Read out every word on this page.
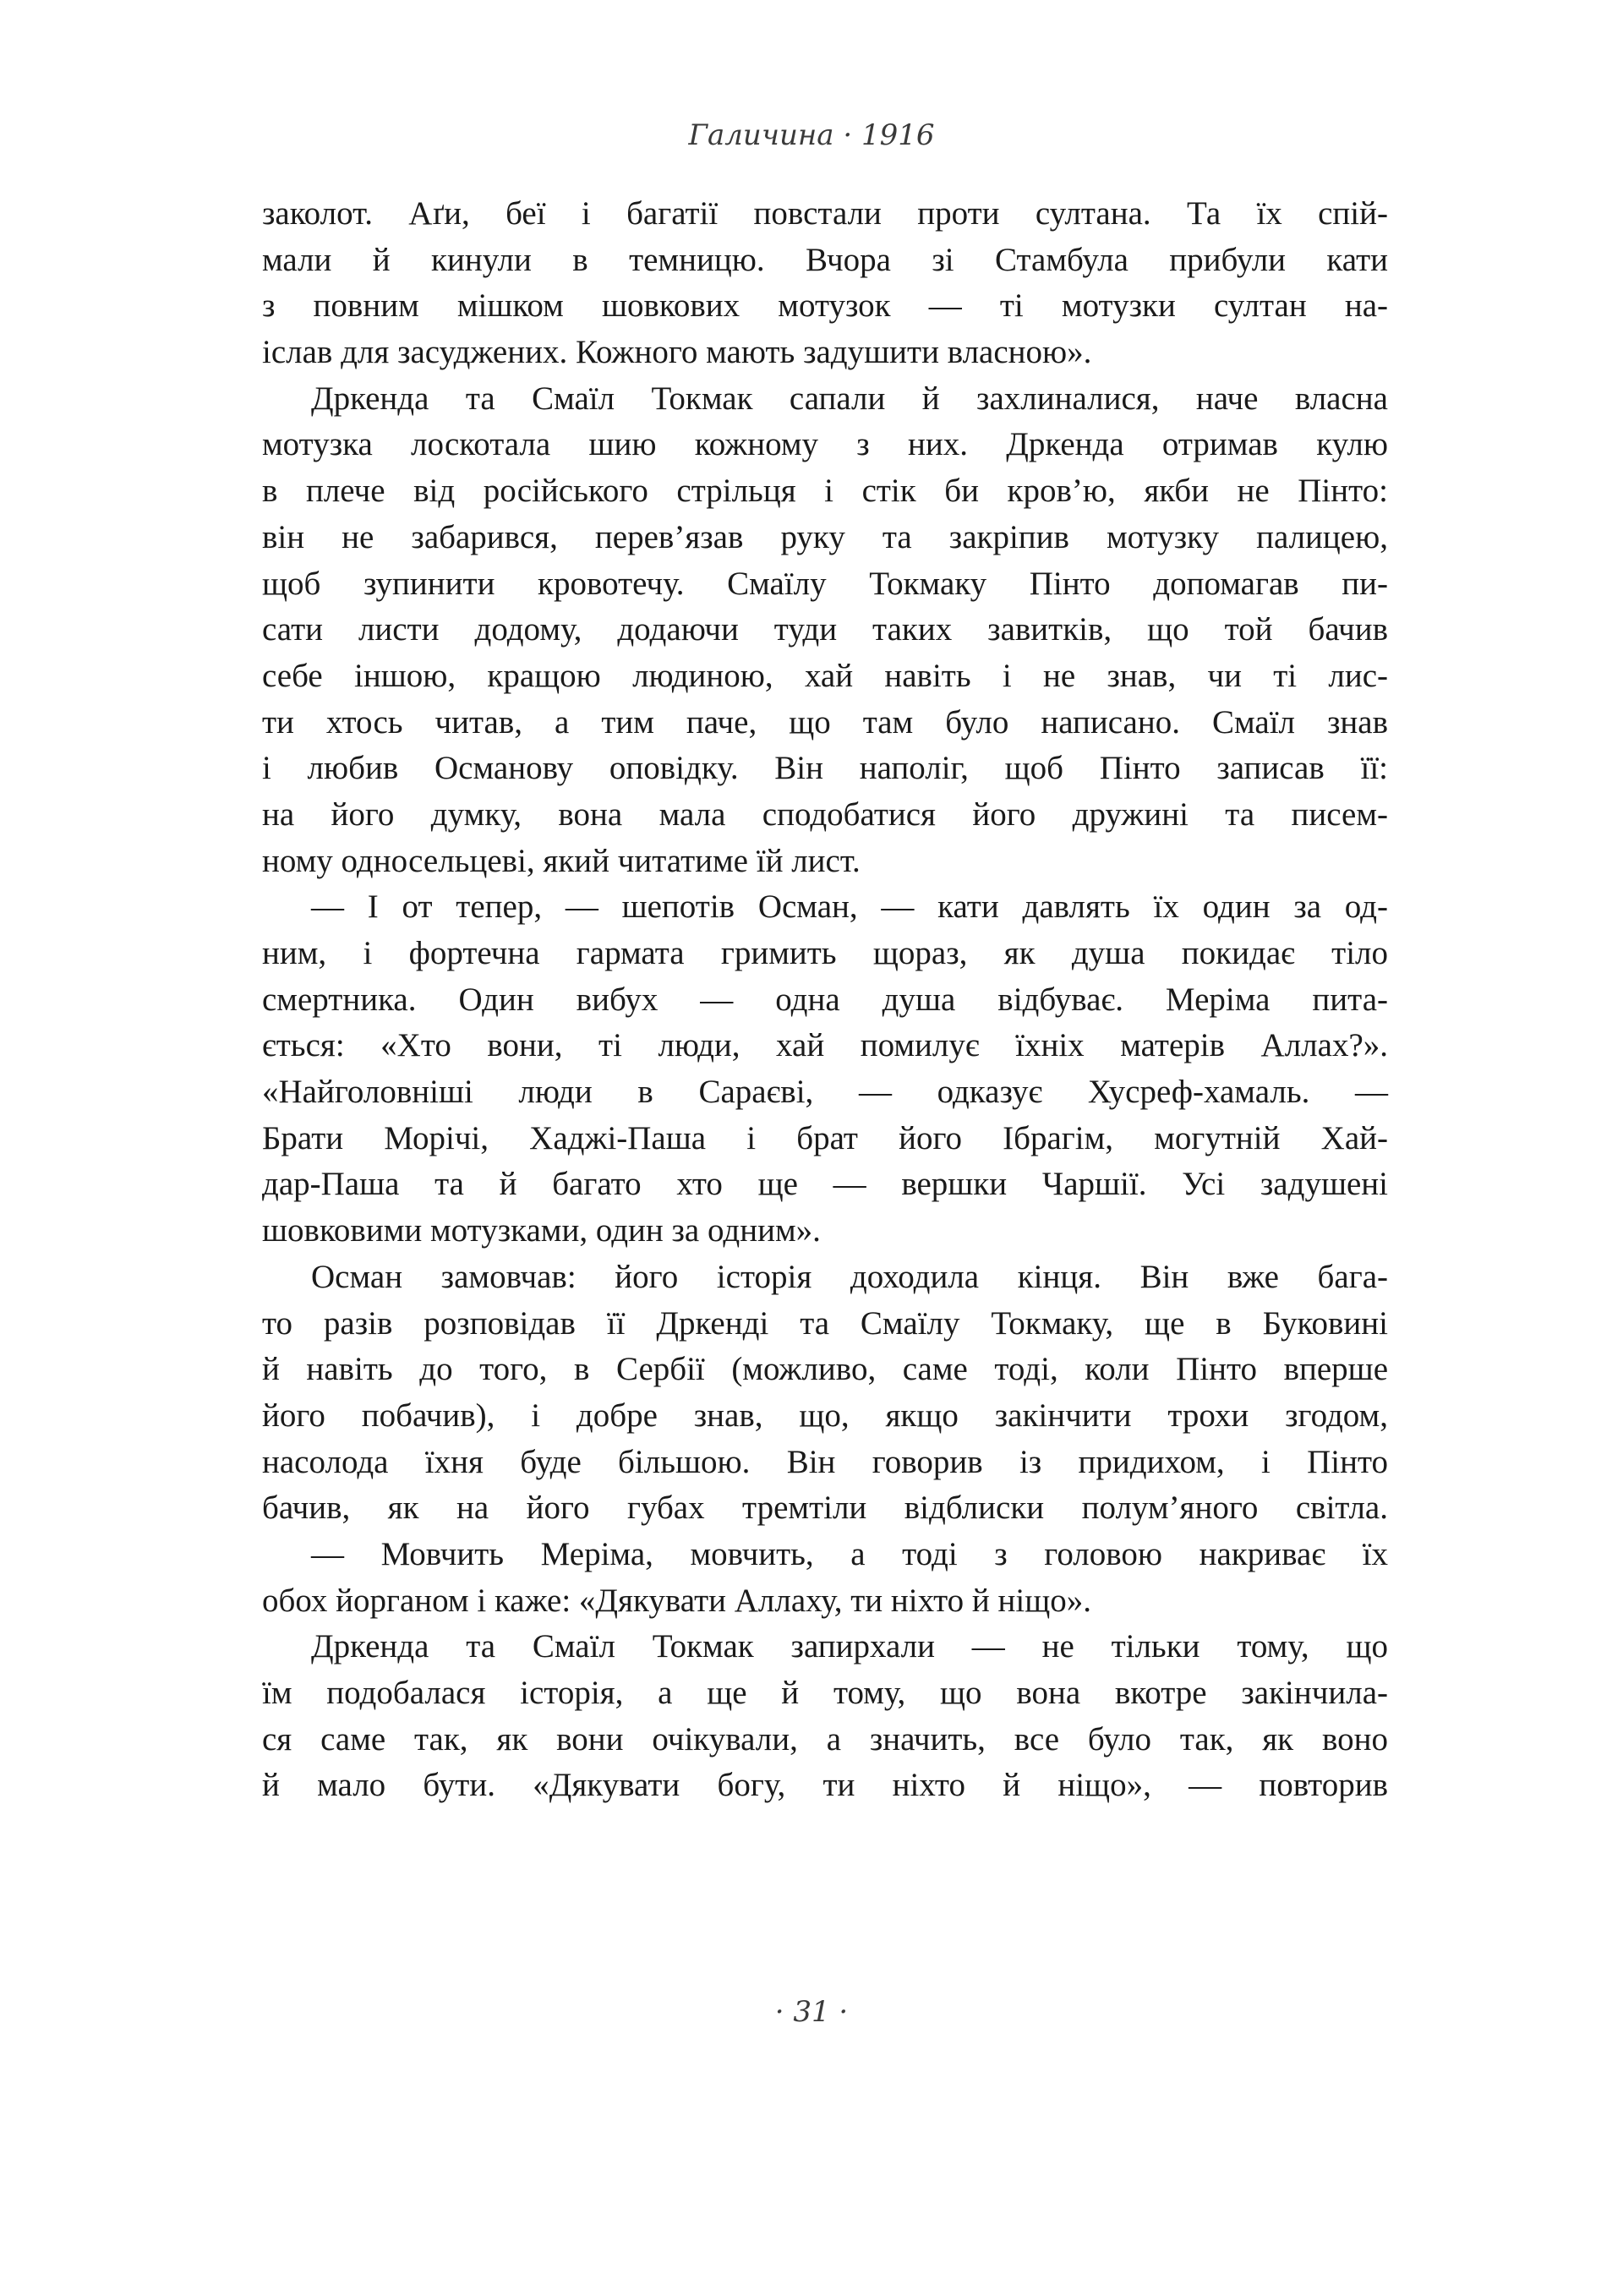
Галичина · 1916
заколот. Аґи, беї і багатії повстали проти султана. Та їх спій-
мали й кинули в темницю. Вчора зі Стамбула прибули кати
з повним мішком шовкових мотузок — ті мотузки султан на-
іслав для засуджених. Кожного мають задушити власною».
Дркенда та Смаїл Токмак сапали й захлиналися, наче власна
мотузка лоскотала шию кожному з них. Дркенда отримав кулю
в плече від російського стрільця і стік би кров’ю, якби не Пінто:
він не забарився, перев’язав руку та закріпив мотузку палицею,
щоб зупинити кровотечу. Смаїлу Токмаку Пінто допомагав пи-
сати листи додому, додаючи туди таких завитків, що той бачив
себе іншою, кращою людиною, хай навіть і не знав, чи ті лис-
ти хтось читав, а тим паче, що там було написано. Смаїл знав
і любив Османову оповідку. Він наполіг, щоб Пінто записав її:
на його думку, вона мала сподобатися його дружині та писем-
ному односельцеві, який читатиме їй лист.
— І от тепер, — шепотів Осман, — кати давлять їх один за од-
ним, і фортечна гармата гримить щораз, як душа покидає тіло
смертника. Один вибух — одна душа відбуває. Меріма пита-
ється: «Хто вони, ті люди, хай помилує їхніх матерів Аллах?».
«Найголовніші люди в Сараєві, — одказує Хусреф-хамаль. —
Брати Морічі, Хаджі-Паша і брат його Ібрагім, могутній Хай-
дар-Паша та й багато хто ще — вершки Чаршії. Усі задушені
шовковими мотузками, один за одним».
Осман замовчав: його історія доходила кінця. Він вже бага-
то разів розповідав її Дркенді та Смаїлу Токмаку, ще в Буковині
й навіть до того, в Сербії (можливо, саме тоді, коли Пінто вперше
його побачив), і добре знав, що, якщо закінчити трохи згодом,
насолода їхня буде більшою. Він говорив із придихом, і Пінто
бачив, як на його губах тремтіли відблиски полум’яного світла.
— Мовчить Меріма, мовчить, а тоді з головою накриває їх
обох йорганом і каже: «Дякувати Аллаху, ти ніхто й ніщо».
Дркенда та Смаїл Токмак запирхали — не тільки тому, що
їм подобалася історія, а ще й тому, що вона вкотре закінчила-
ся саме так, як вони очікували, а значить, все було так, як воно
й мало бути. «Дякувати богу, ти ніхто й ніщо», — повторив
· 31 ·
